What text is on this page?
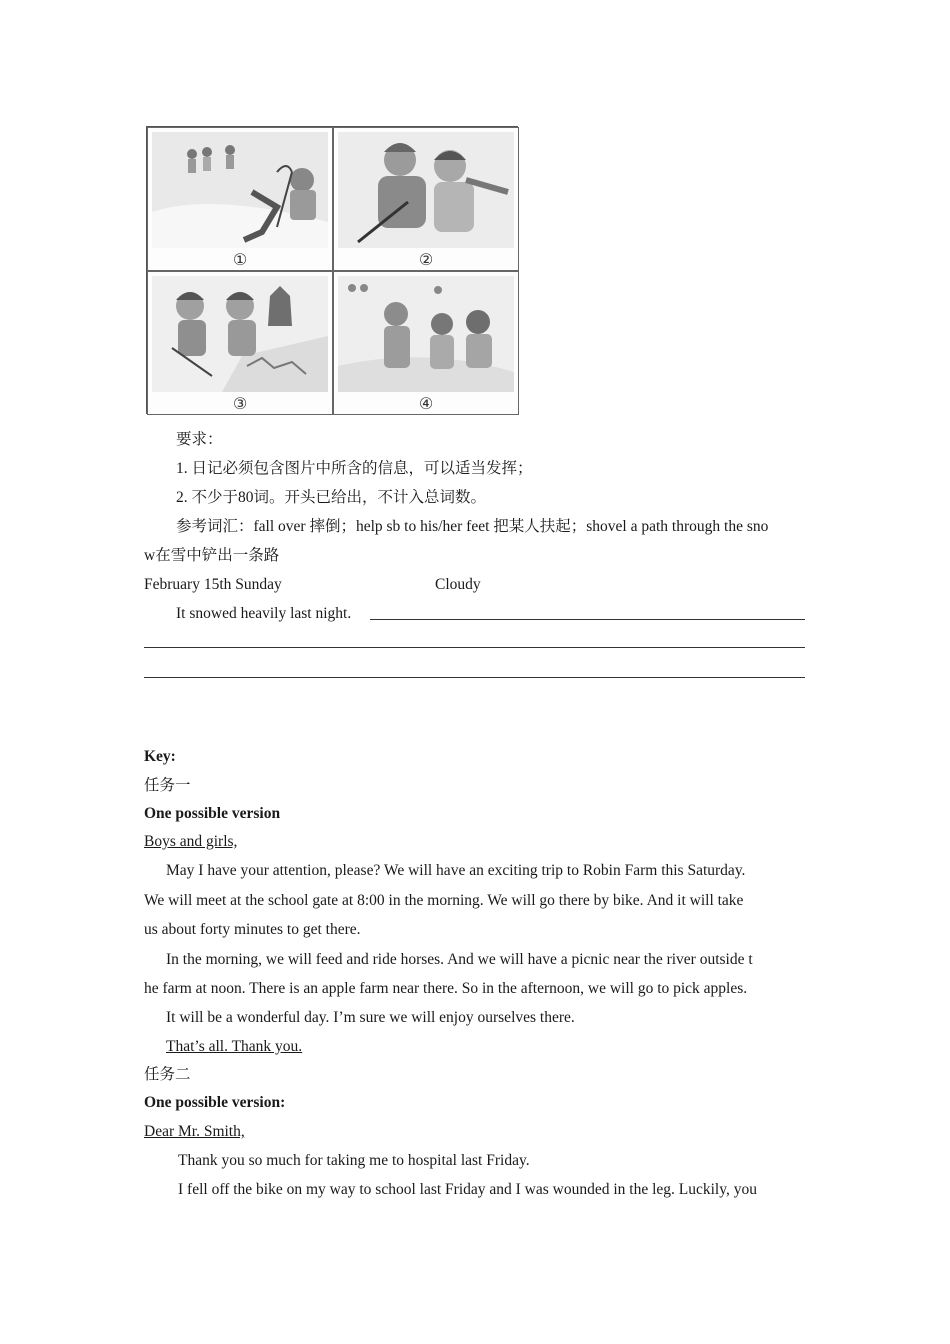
①	②
③	④
要求：
1. 日记必须包含图片中所含的信息，可以适当发挥；
2. 不少于80词。开头已给出，不计入总词数。
参考词汇：fall over 摔倒；help sb to his/her feet 把某人扶起；shovel a path through the sno
w在雪中铲出一条路
February 15th Sunday	Cloudy
It snowed heavily last night.
Key:
任务一
One possible version
Boys and girls,
May I have your attention, please? We will have an exciting trip to Robin Farm this Saturday.
We will meet at the school gate at 8:00 in the morning. We will go there by bike. And it will take
us about forty minutes to get there.
In the morning, we will feed and ride horses. And we will have a picnic near the river outside t
he farm at noon. There is an apple farm near there. So in the afternoon, we will go to pick apples.
It will be a wonderful day. I’m sure we will enjoy ourselves there.
That’s all. Thank you.
任务二
One possible version:
Dear Mr. Smith,
Thank you so much for taking me to hospital last Friday.
I fell off the bike on my way to school last Friday and I was wounded in the leg. Luckily, you
